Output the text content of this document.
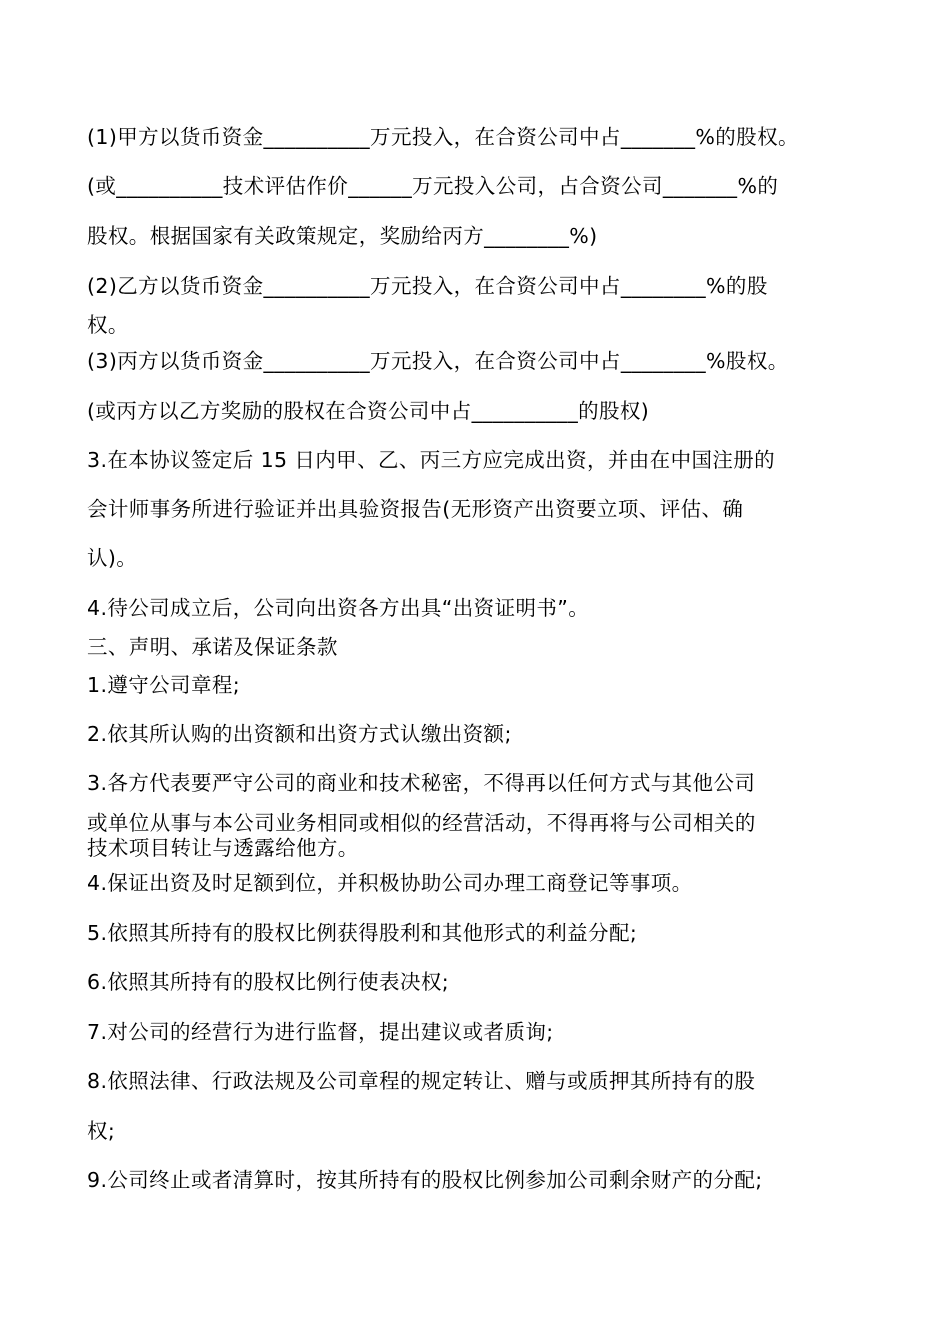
(1)甲方以货币资金__________万元投入，在合资公司中占_______%的股权。
(或__________技术评估作价______万元投入公司，占合资公司_______%的
股权。根据国家有关政策规定，奖励给丙方________%)
(2)乙方以货币资金__________万元投入，在合资公司中占________%的股
权。
(3)丙方以货币资金__________万元投入，在合资公司中占________%股权。
(或丙方以乙方奖励的股权在合资公司中占__________的股权)
3.在本协议签定后 15 日内甲、乙、丙三方应完成出资，并由在中国注册的
会计师事务所进行验证并出具验资报告(无形资产出资要立项、评估、确
认)。
4.待公司成立后，公司向出资各方出具“出资证明书”。
三、声明、承诺及保证条款
1.遵守公司章程;
2.依其所认购的出资额和出资方式认缴出资额;
3.各方代表要严守公司的商业和技术秘密，不得再以任何方式与其他公司
或单位从事与本公司业务相同或相似的经营活动，不得再将与公司相关的
技术项目转让与透露给他方。
4.保证出资及时足额到位，并积极协助公司办理工商登记等事项。
5.依照其所持有的股权比例获得股利和其他形式的利益分配;
6.依照其所持有的股权比例行使表决权;
7.对公司的经营行为进行监督，提出建议或者质询;
8.依照法律、行政法规及公司章程的规定转让、赠与或质押其所持有的股
权;
9.公司终止或者清算时，按其所持有的股权比例参加公司剩余财产的分配;
